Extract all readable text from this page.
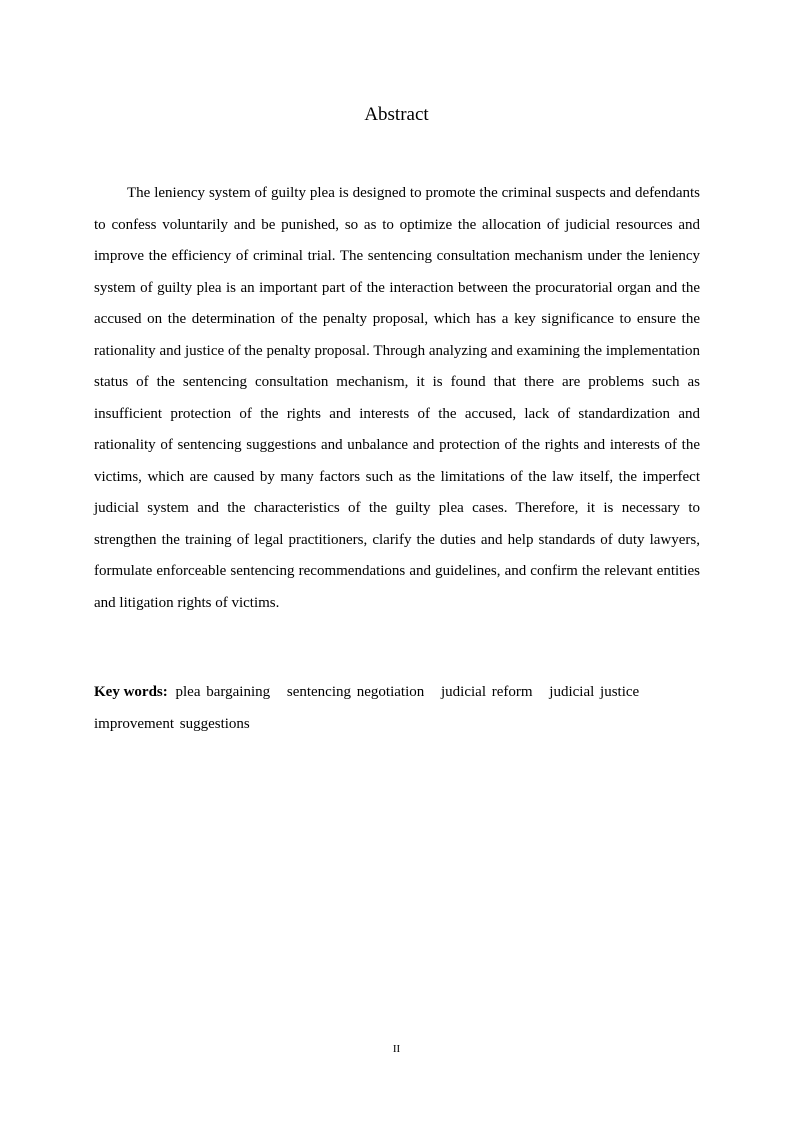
Abstract

The leniency system of guilty plea is designed to promote the criminal suspects and defendants to confess voluntarily and be punished, so as to optimize the allocation of judicial resources and improve the efficiency of criminal trial. The sentencing consultation mechanism under the leniency system of guilty plea is an important part of the interaction between the procuratorial organ and the accused on the determination of the penalty proposal, which has a key significance to ensure the rationality and justice of the penalty proposal. Through analyzing and examining the implementation status of the sentencing consultation mechanism, it is found that there are problems such as insufficient protection of the rights and interests of the accused, lack of standardization and rationality of sentencing suggestions and unbalance and protection of the rights and interests of the victims, which are caused by many factors such as the limitations of the law itself, the imperfect judicial system and the characteristics of the guilty plea cases. Therefore, it is necessary to strengthen the training of legal practitioners, clarify the duties and help standards of duty lawyers, formulate enforceable sentencing recommendations and guidelines, and confirm the relevant entities and litigation rights of victims.

Key words: plea bargaining sentencing negotiation judicial reform judicial justice improvement suggestions

II
